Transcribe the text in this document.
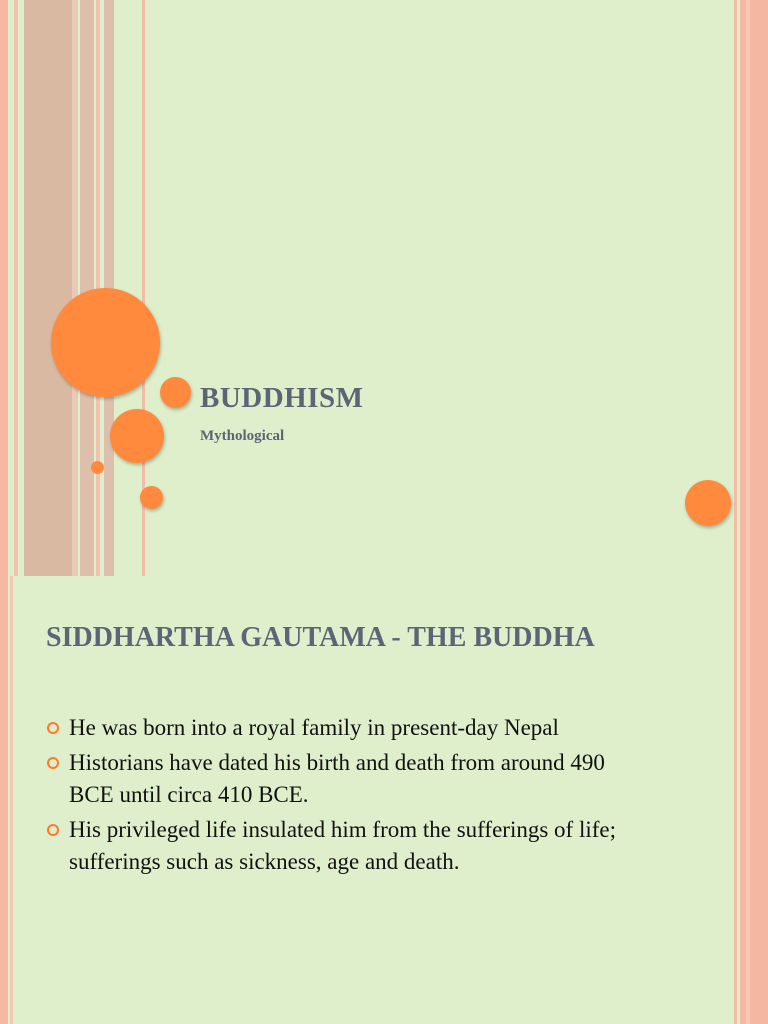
BUDDHISM

Mythological

SIDDHARTHA GAUTAMA - THE BUDDHA
He was born into a royal family in present-day Nepal
Historians have dated his birth and death from around 490 BCE until circa 410 BCE.
His privileged life insulated him from the sufferings of life; sufferings such as sickness, age and death.
